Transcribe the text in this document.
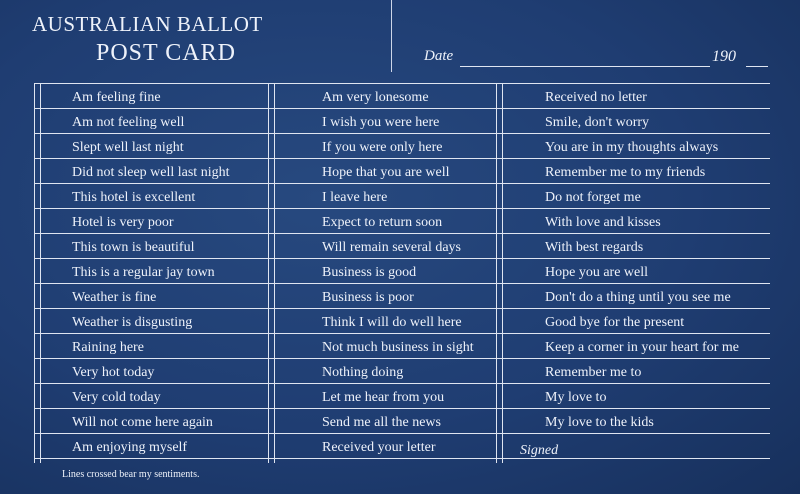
AUSTRALIAN BALLOT
POST CARD	Date	190
Am feeling fine
Am not feeling well
Slept well last night
Did not sleep well last night
This hotel is excellent
Hotel is very poor
This town is beautiful
This is a regular jay town
Weather is fine
Weather is disgusting
Raining here
Very hot today
Very cold today
Will not come here again
Am enjoying myself
Am very lonesome
I wish you were here
If you were only here
Hope that you are well
I leave here
Expect to return soon
Will remain several days
Business is good
Business is poor
Think I will do well here
Not much business in sight
Nothing doing
Let me hear from you
Send me all the news
Received your letter
Received no letter
Smile, don't worry
You are in my thoughts always
Remember me to my friends
Do not forget me
With love and kisses
With best regards
Hope you are well
Don't do a thing until you see me
Good bye for the present
Keep a corner in your heart for me
Remember me to
My love to
My love to the kids
Signed
Lines crossed bear my sentiments.
